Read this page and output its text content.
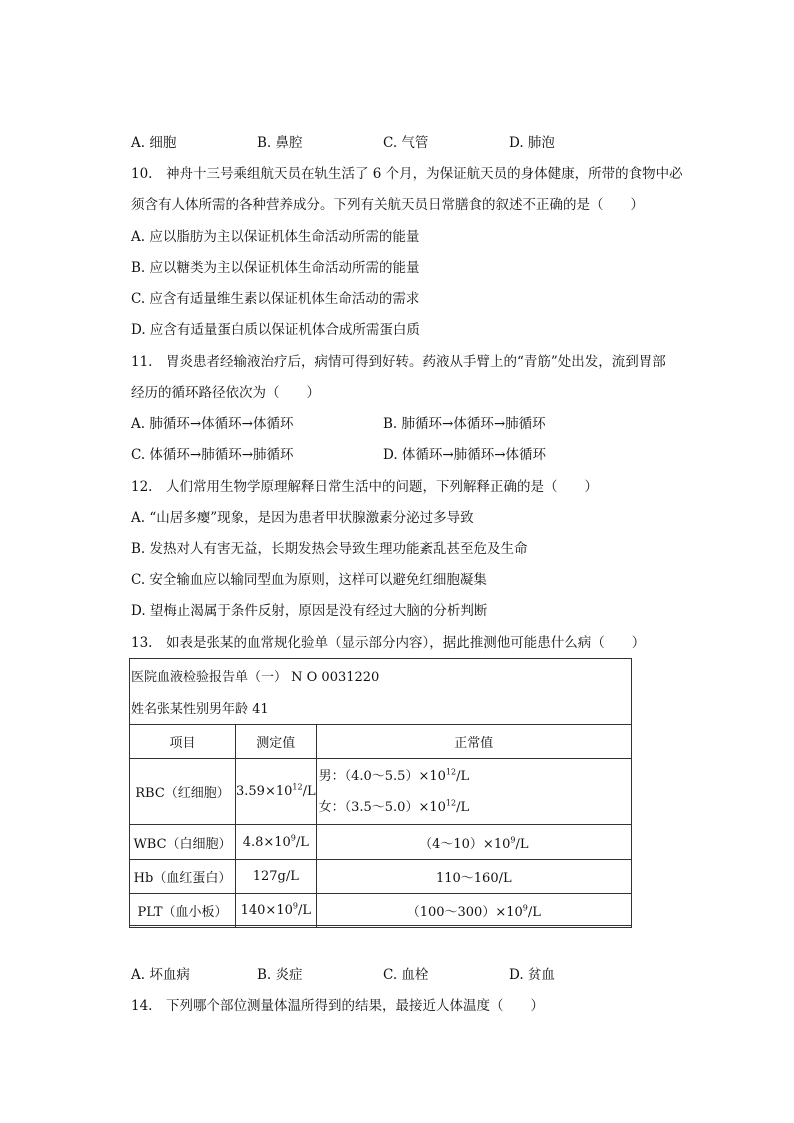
A. 细胞	B. 鼻腔	C. 气管	D. 肺泡
10.　神舟十三号乘组航天员在轨生活了 6 个月，为保证航天员的身体健康，所带的食物中必
须含有人体所需的各种营养成分。下列有关航天员日常膳食的叙述不正确的是（　　）
A. 应以脂肪为主以保证机体生命活动所需的能量
B. 应以糖类为主以保证机体生命活动所需的能量
C. 应含有适量维生素以保证机体生命活动的需求
D. 应含有适量蛋白质以保证机体合成所需蛋白质
11.　胃炎患者经输液治疗后，病情可得到好转。药液从手臂上的“青筋”处出发，流到胃部
经历的循环路径依次为（　　）
A. 肺循环→体循环→体循环	B. 肺循环→体循环→肺循环
C. 体循环→肺循环→肺循环	D. 体循环→肺循环→体循环
12.　人们常用生物学原理解释日常生活中的问题，下列解释正确的是（　　）
A. “山居多瘿”现象，是因为患者甲状腺激素分泌过多导致
B. 发热对人有害无益，长期发热会导致生理功能紊乱甚至危及生命
C. 安全输血应以输同型血为原则，这样可以避免红细胞凝集
D. 望梅止渴属于条件反射，原因是没有经过大脑的分析判断
13.　如表是张某的血常规化验单（显示部分内容），据此推测他可能患什么病（　　）
医院血液检验报告单（一） N O 0031220
姓名张某性别男年龄 41
项目	测定值	正常值
RBC（红细胞）	$3.59\times 10^{12}/L$	男：$(4.0\sim 5.5)\times 10^{12}/L$
女：$(3.5\sim 5.0)\times 10^{12}/L$

WBC（白细胞）	$4.8\times 10^9/L$	$(4\sim 10)\times 10^9/L$
Hb（血红蛋白）	127g/L	110～160/L
PLT（血小板）	$140\times 10^9/L$	$(100\sim 300)\times 10^9/L$
A. 坏血病	B. 炎症	C. 血栓	D. 贫血
14.　下列哪个部位测量体温所得到的结果，最接近人体温度（　　）
